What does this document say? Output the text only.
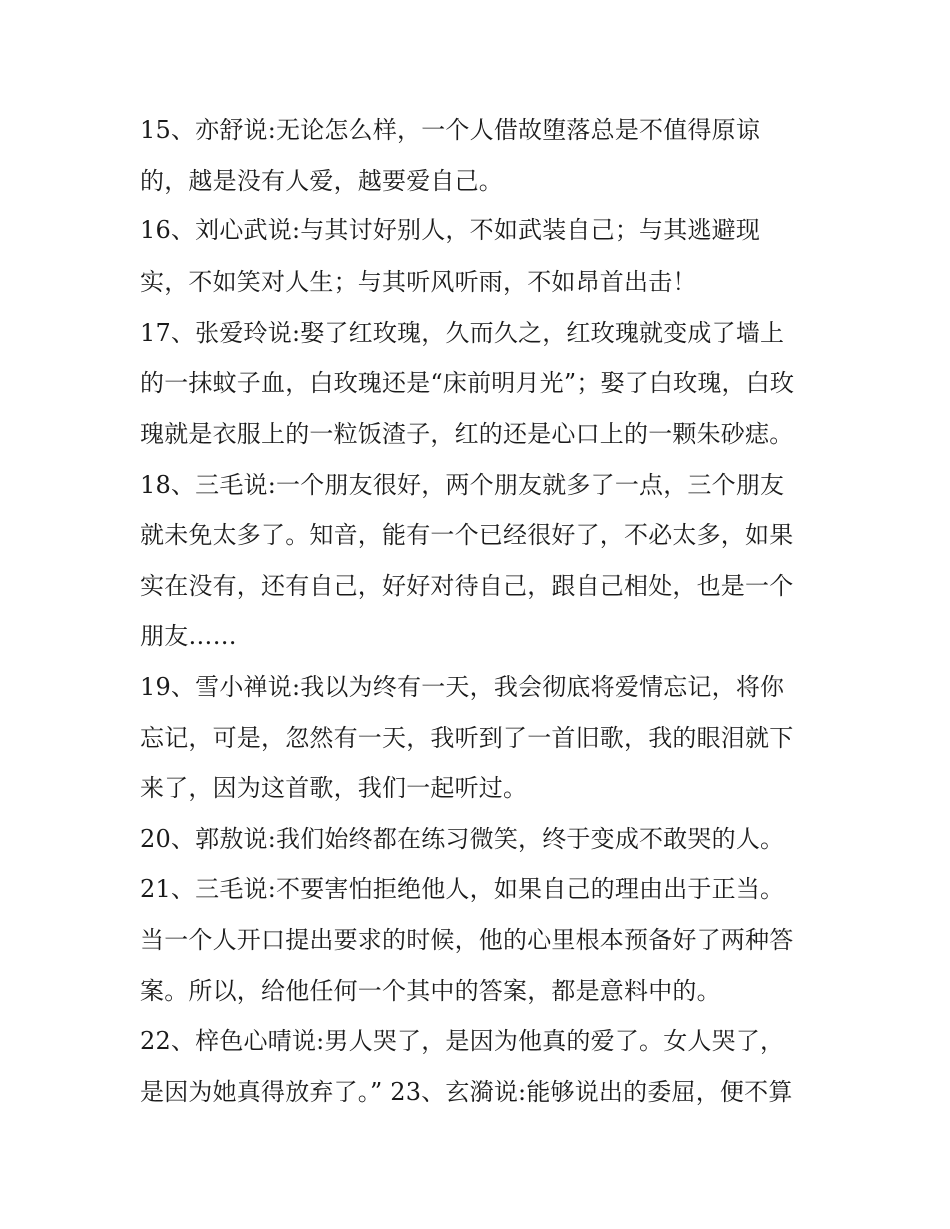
15、亦舒说:无论怎么样，一个人借故堕落总是不值得原谅
的，越是没有人爱，越要爱自己。
16、刘心武说:与其讨好别人，不如武装自己；与其逃避现
实，不如笑对人生；与其听风听雨，不如昂首出击！
17、张爱玲说:娶了红玫瑰，久而久之，红玫瑰就变成了墙上
的一抹蚊子血，白玫瑰还是“床前明月光”；娶了白玫瑰，白玫
瑰就是衣服上的一粒饭渣子，红的还是心口上的一颗朱砂痣。
18、三毛说:一个朋友很好，两个朋友就多了一点，三个朋友
就未免太多了。知音，能有一个已经很好了，不必太多，如果
实在没有，还有自己，好好对待自己，跟自己相处，也是一个
朋友……
19、雪小禅说:我以为终有一天，我会彻底将爱情忘记，将你
忘记，可是，忽然有一天，我听到了一首旧歌，我的眼泪就下
来了，因为这首歌，我们一起听过。
20、郭敖说:我们始终都在练习微笑，终于变成不敢哭的人。
21、三毛说:不要害怕拒绝他人，如果自己的理由出于正当。
当一个人开口提出要求的时候，他的心里根本预备好了两种答
案。所以，给他任何一个其中的答案，都是意料中的。
22、梓色心晴说:男人哭了，是因为他真的爱了。女人哭了，
是因为她真得放弃了。” 23、玄漪说:能够说出的委屈，便不算
